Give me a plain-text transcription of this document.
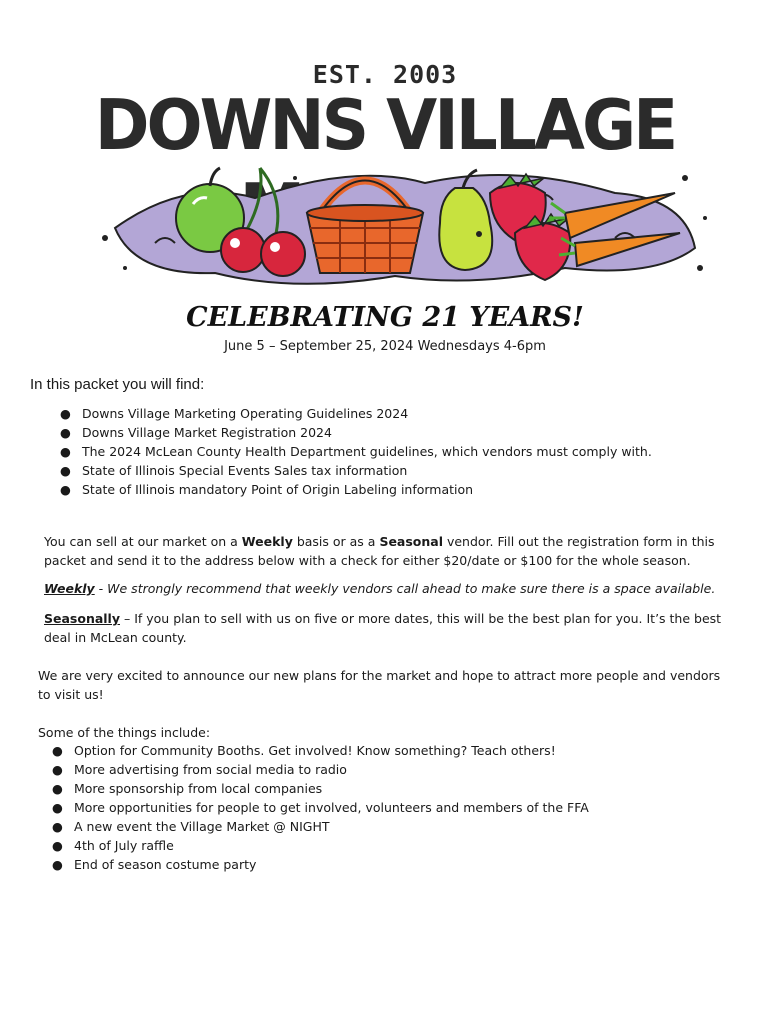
EST. 2003
DOWNS VILLAGE
CELEBRATING 21 YEARS!
June 5 – September 25, 2024 Wednesdays 4-6pm
In this packet you will find:
● Downs Village Marketing Operating Guidelines 2024
● Downs Village Market Registration 2024
● The 2024 McLean County Health Department guidelines, which vendors must comply with.
● State of Illinois Special Events Sales tax information
● State of Illinois mandatory Point of Origin Labeling information
You can sell at our market on a Weekly basis or as a Seasonal vendor. Fill out the registration form in this packet and send it to the address below with a check for either $20/date or $100 for the whole season.
Weekly - We strongly recommend that weekly vendors call ahead to make sure there is a space available.
Seasonally – If you plan to sell with us on five or more dates, this will be the best plan for you. It’s the best deal in McLean county.
We are very excited to announce our new plans for the market and hope to attract more people and vendors to visit us!
Some of the things include:
● Option for Community Booths. Get involved! Know something? Teach others!
● More advertising from social media to radio
● More sponsorship from local companies
● More opportunities for people to get involved, volunteers and members of the FFA
● A new event the Village Market @ NIGHT
● 4th of July raffle
● End of season costume party
